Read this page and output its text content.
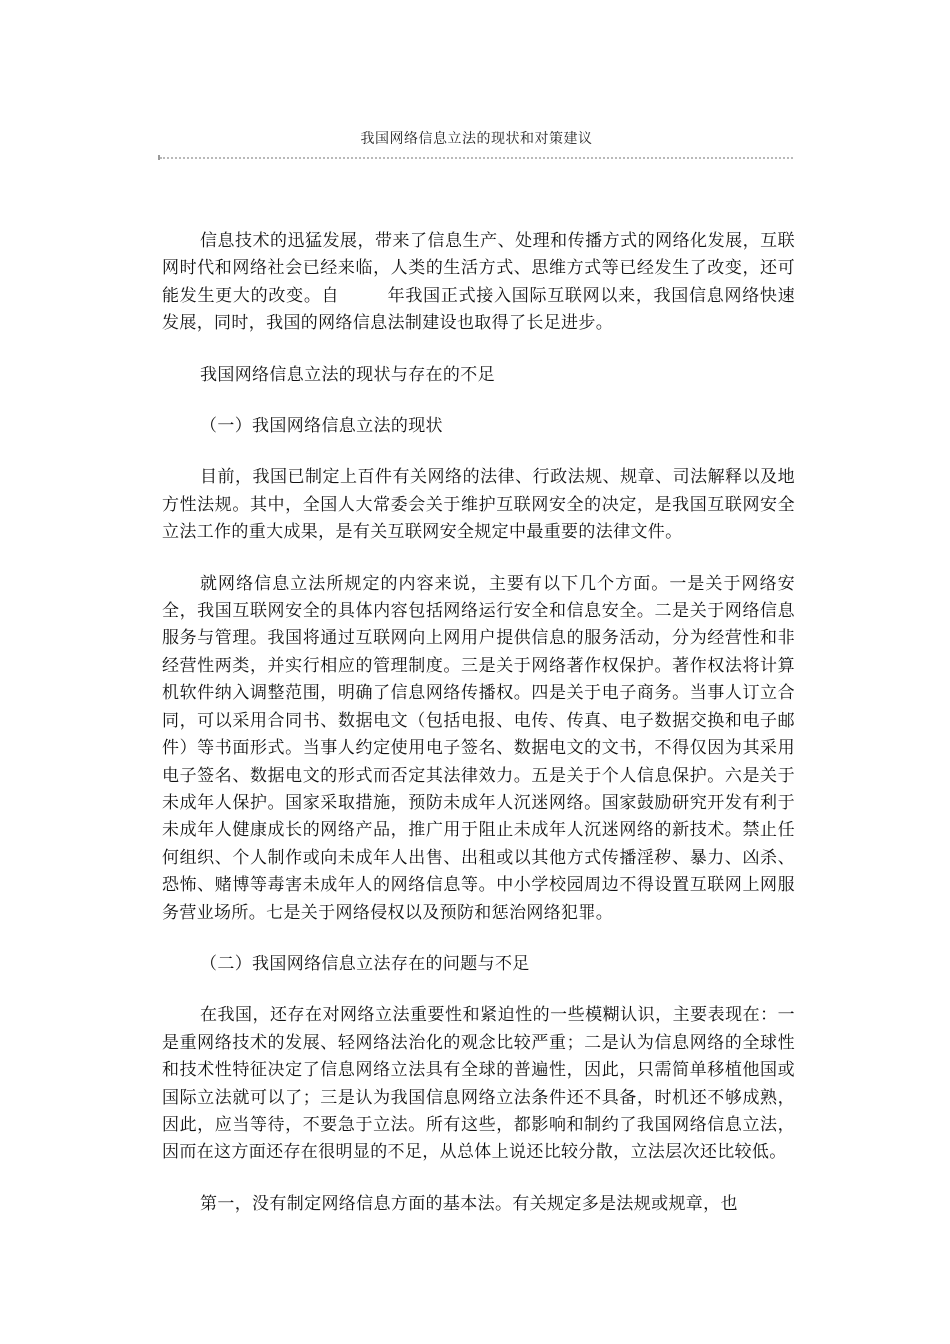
我国网络信息立法的现状和对策建议

信息技术的迅猛发展，带来了信息生产、处理和传播方式的网络化发展，互联网时代和网络社会已经来临，人类的生活方式、思维方式等已经发生了改变，还可能发生更大的改变。自	年我国正式接入国际互联网以来，我国信息网络快速发展，同时，我国的网络信息法制建设也取得了长足进步。

我国网络信息立法的现状与存在的不足

（一）我国网络信息立法的现状

目前，我国已制定上百件有关网络的法律、行政法规、规章、司法解释以及地方性法规。其中，全国人大常委会关于维护互联网安全的决定，是我国互联网安全立法工作的重大成果，是有关互联网安全规定中最重要的法律文件。

就网络信息立法所规定的内容来说，主要有以下几个方面。一是关于网络安全，我国互联网安全的具体内容包括网络运行安全和信息安全。二是关于网络信息服务与管理。我国将通过互联网向上网用户提供信息的服务活动，分为经营性和非经营性两类，并实行相应的管理制度。三是关于网络著作权保护。著作权法将计算机软件纳入调整范围，明确了信息网络传播权。四是关于电子商务。当事人订立合同，可以采用合同书、数据电文（包括电报、电传、传真、电子数据交换和电子邮件）等书面形式。当事人约定使用电子签名、数据电文的文书，不得仅因为其采用电子签名、数据电文的形式而否定其法律效力。五是关于个人信息保护。六是关于未成年人保护。国家采取措施，预防未成年人沉迷网络。国家鼓励研究开发有利于未成年人健康成长的网络产品，推广用于阻止未成年人沉迷网络的新技术。禁止任何组织、个人制作或向未成年人出售、出租或以其他方式传播淫秽、暴力、凶杀、恐怖、赌博等毒害未成年人的网络信息等。中小学校园周边不得设置互联网上网服务营业场所。七是关于网络侵权以及预防和惩治网络犯罪。

（二）我国网络信息立法存在的问题与不足

在我国，还存在对网络立法重要性和紧迫性的一些模糊认识，主要表现在：一是重网络技术的发展、轻网络法治化的观念比较严重；二是认为信息网络的全球性和技术性特征决定了信息网络立法具有全球的普遍性，因此，只需简单移植他国或国际立法就可以了；三是认为我国信息网络立法条件还不具备，时机还不够成熟，因此，应当等待，不要急于立法。所有这些，都影响和制约了我国网络信息立法，因而在这方面还存在很明显的不足，从总体上说还比较分散，立法层次还比较低。

第一，没有制定网络信息方面的基本法。有关规定多是法规或规章，也
